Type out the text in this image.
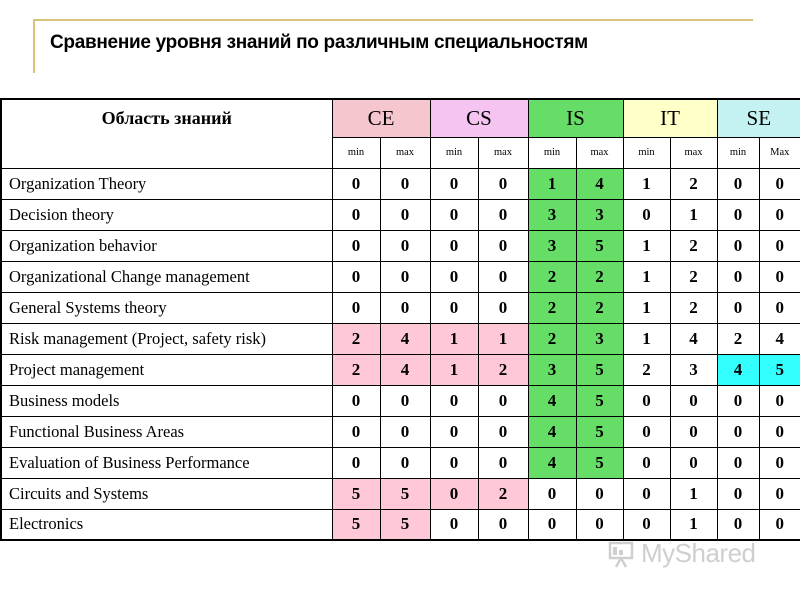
Сравнение уровня знаний по различным специальностям
Область знаний	CE		CS		IS		IT		SE	
	min	max	min	max	min	max	min	max	min	Max
Organization Theory	0	0	0	0	1	4	1	2	0	0
Decision theory	0	0	0	0	3	3	0	1	0	0
Organization behavior	0	0	0	0	3	5	1	2	0	0
Organizational Change management	0	0	0	0	2	2	1	2	0	0
General Systems theory	0	0	0	0	2	2	1	2	0	0
Risk management (Project, safety risk)	2	4	1	1	2	3	1	4	2	4
Project management	2	4	1	2	3	5	2	3	4	5
Business models	0	0	0	0	4	5	0	0	0	0
Functional Business Areas	0	0	0	0	4	5	0	0	0	0
Evaluation of Business Performance	0	0	0	0	4	5	0	0	0	0
Circuits and Systems	5	5	0	2	0	0	0	1	0	0
Electronics	5	5	0	0	0	0	0	1	0	0
MyShared
